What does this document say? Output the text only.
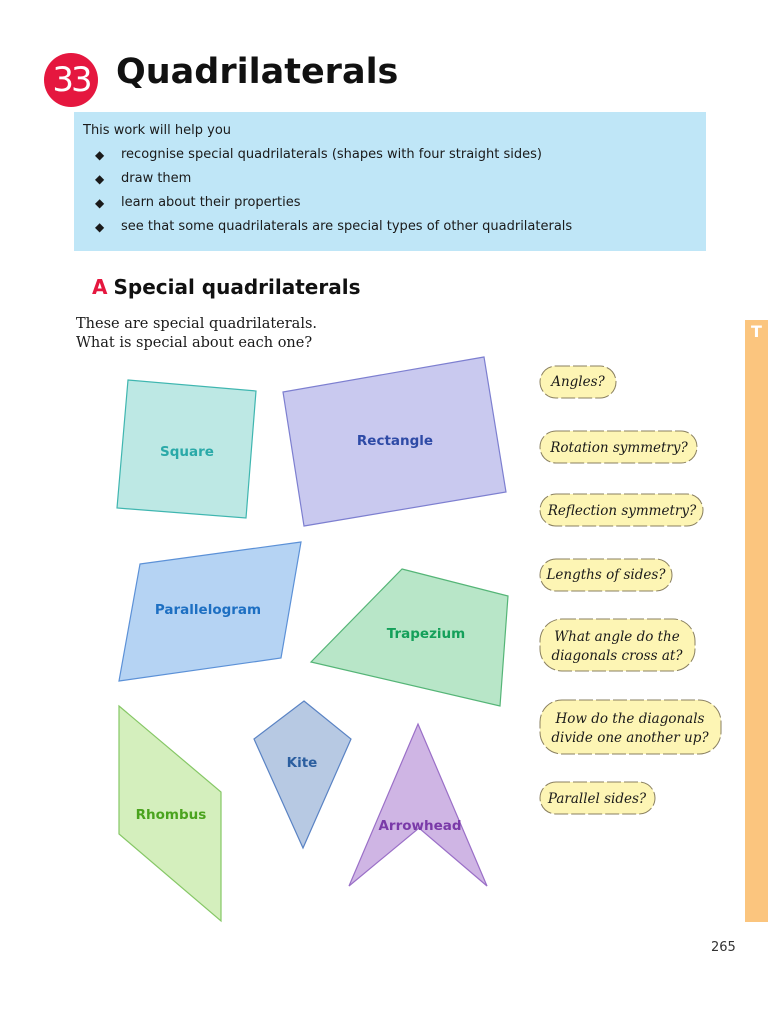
33 Quadrilaterals
This work will help you
◆	recognise special quadrilaterals (shapes with four straight sides)
◆	draw them
◆	learn about their properties
◆	see that some quadrilaterals are special types of other quadrilaterals
A Special quadrilaterals
These are special quadrilaterals.
What is special about each one?
Square
Rectangle
Parallelogram
Trapezium
Rhombus
Kite
Arrowhead
Angles?
Rotation symmetry?
Reflection symmetry?
Lengths of sides?
What angle do the
diagonals cross at?
How do the diagonals
divide one another up?
Parallel sides?
T
265
